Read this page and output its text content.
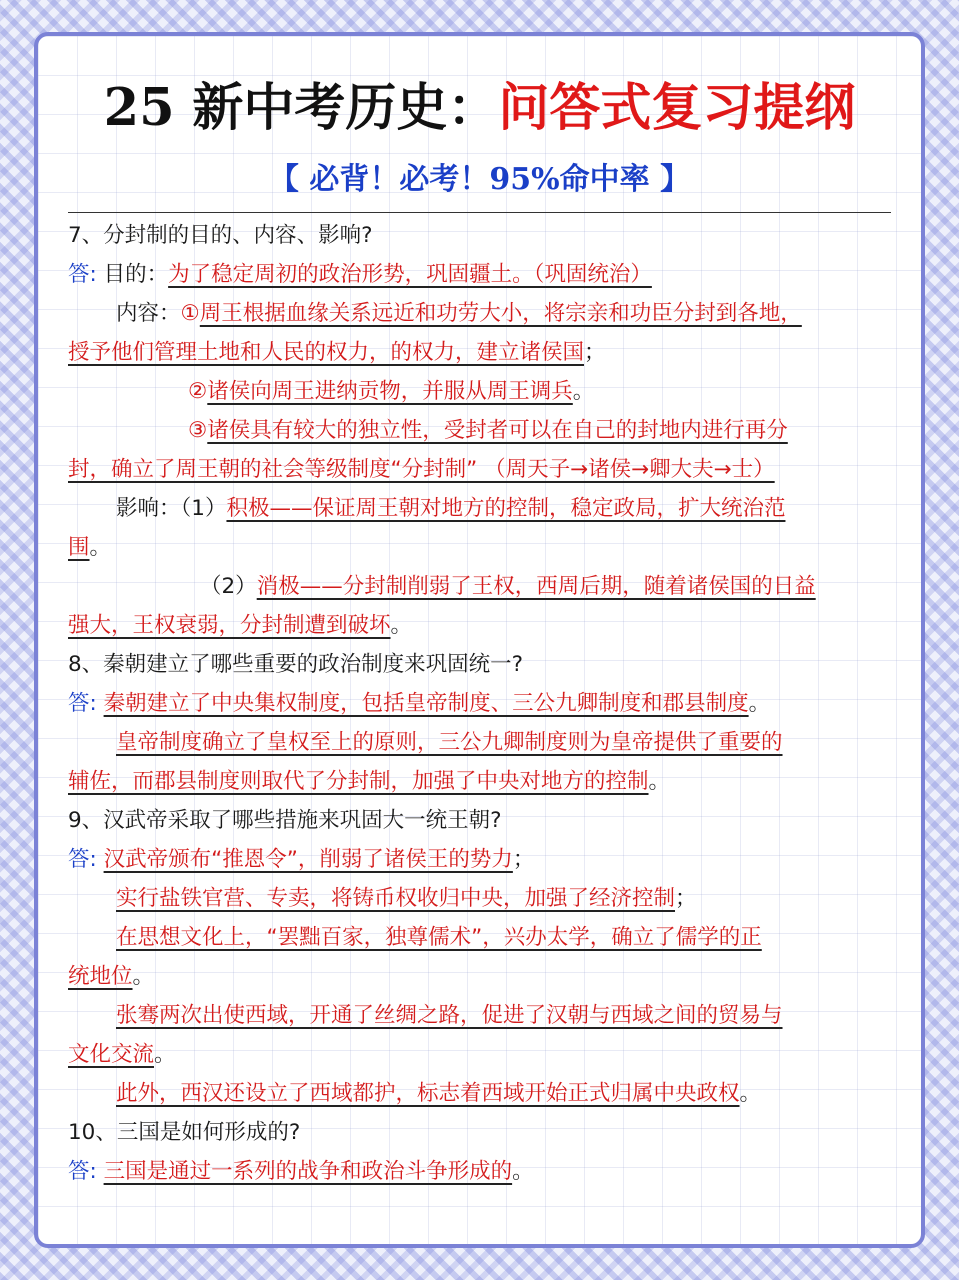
25 新中考历史：问答式复习提纲
【 必背！必考！95%命中率 】

7、分封制的目的、内容、影响?

答: 目的：为了稳定周初的政治形势，巩固疆土。（巩固统治）

内容：①周王根据血缘关系远近和功劳大小，将宗亲和功臣分封到各地，

授予他们管理土地和人民的权力，的权力，建立诸侯国；

②诸侯向周王进纳贡物，并服从周王调兵。

③诸侯具有较大的独立性，受封者可以在自己的封地内进行再分

封，确立了周王朝的社会等级制度“分封制” （周天子→诸侯→卿大夫→士）

影响：（1）积极——保证周王朝对地方的控制，稳定政局，扩大统治范

围。

（2）消极——分封制削弱了王权，西周后期，随着诸侯国的日益

强大，王权衰弱，分封制遭到破坏。

8、秦朝建立了哪些重要的政治制度来巩固统一?

答: 秦朝建立了中央集权制度，包括皇帝制度、三公九卿制度和郡县制度。

皇帝制度确立了皇权至上的原则，三公九卿制度则为皇帝提供了重要的

辅佐，而郡县制度则取代了分封制，加强了中央对地方的控制。

9、汉武帝采取了哪些措施来巩固大一统王朝?

答: 汉武帝颁布“推恩令”，削弱了诸侯王的势力；

实行盐铁官营、专卖，将铸币权收归中央，加强了经济控制；

在思想文化上，“罢黜百家，独尊儒术”，兴办太学，确立了儒学的正

统地位。

张骞两次出使西域，开通了丝绸之路，促进了汉朝与西域之间的贸易与

文化交流。

此外，西汉还设立了西域都护，标志着西域开始正式归属中央政权。

10、三国是如何形成的?

答: 三国是通过一系列的战争和政治斗争形成的。
